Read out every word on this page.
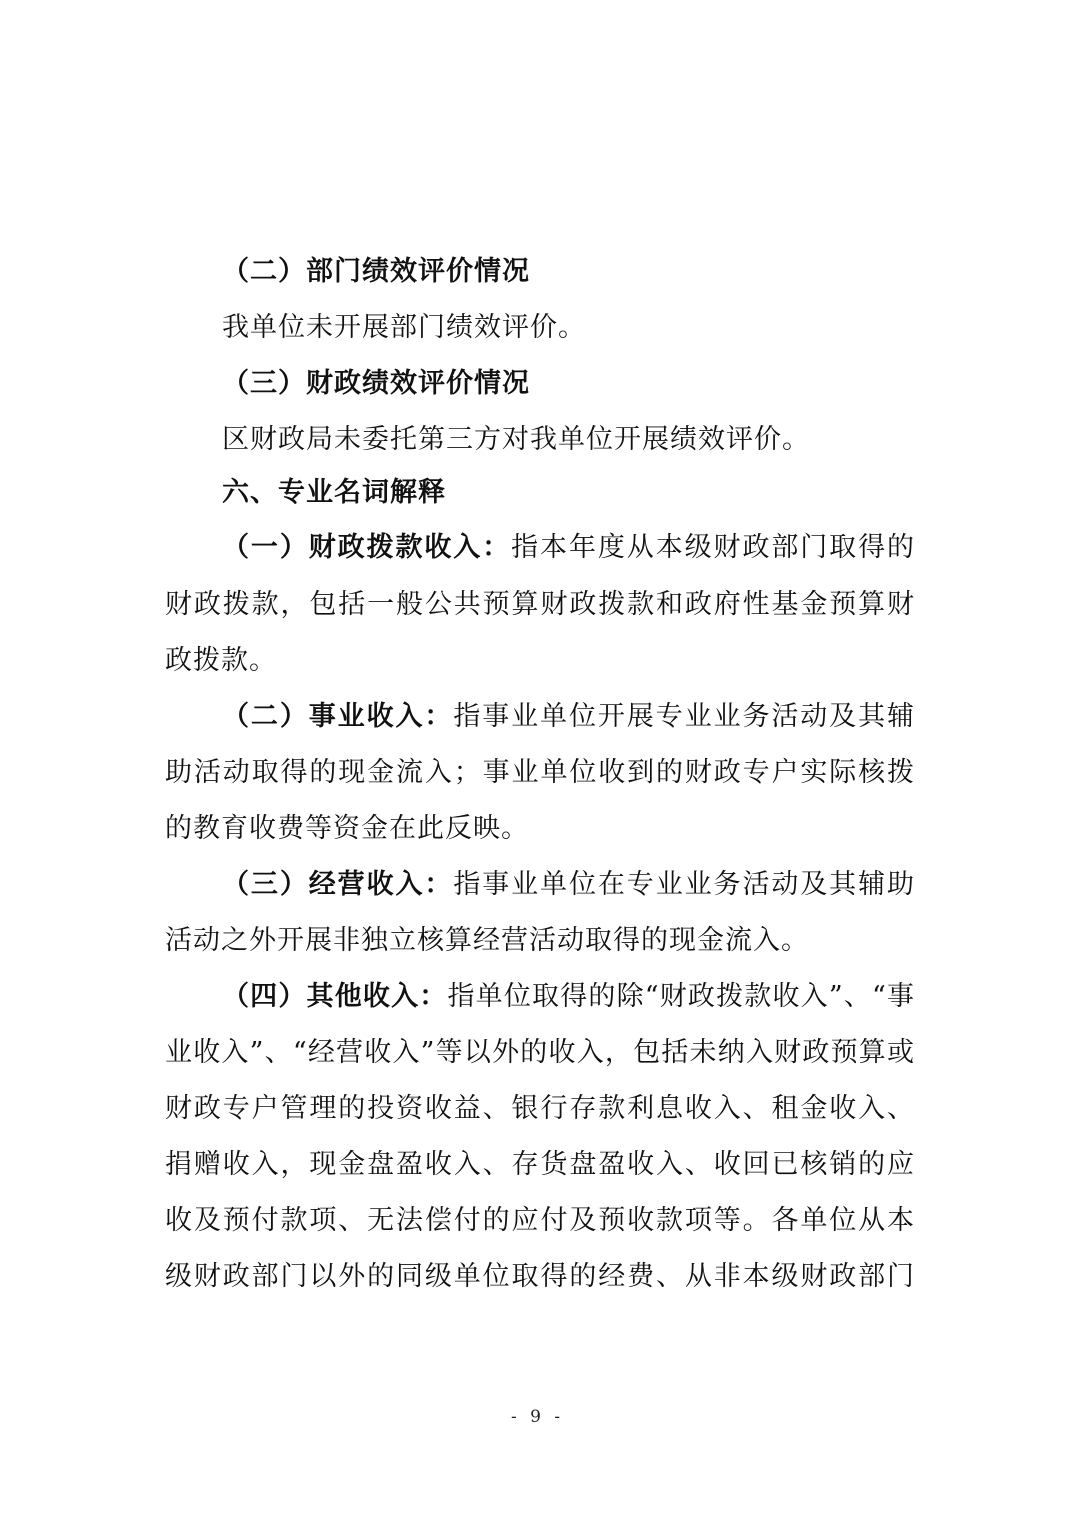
（二）部门绩效评价情况
我单位未开展部门绩效评价。
（三）财政绩效评价情况
区财政局未委托第三方对我单位开展绩效评价。
六、专业名词解释
（一）财政拨款收入：指本年度从本级财政部门取得的
财政拨款，包括一般公共预算财政拨款和政府性基金预算财
政拨款。
（二）事业收入：指事业单位开展专业业务活动及其辅
助活动取得的现金流入；事业单位收到的财政专户实际核拨
的教育收费等资金在此反映。
（三）经营收入：指事业单位在专业业务活动及其辅助
活动之外开展非独立核算经营活动取得的现金流入。
（四）其他收入：指单位取得的除“财政拨款收入”、“事
业收入”、“经营收入”等以外的收入，包括未纳入财政预算或
财政专户管理的投资收益、银行存款利息收入、租金收入、
捐赠收入，现金盘盈收入、存货盘盈收入、收回已核销的应
收及预付款项、无法偿付的应付及预收款项等。各单位从本
级财政部门以外的同级单位取得的经费、从非本级财政部门
- 9 -
